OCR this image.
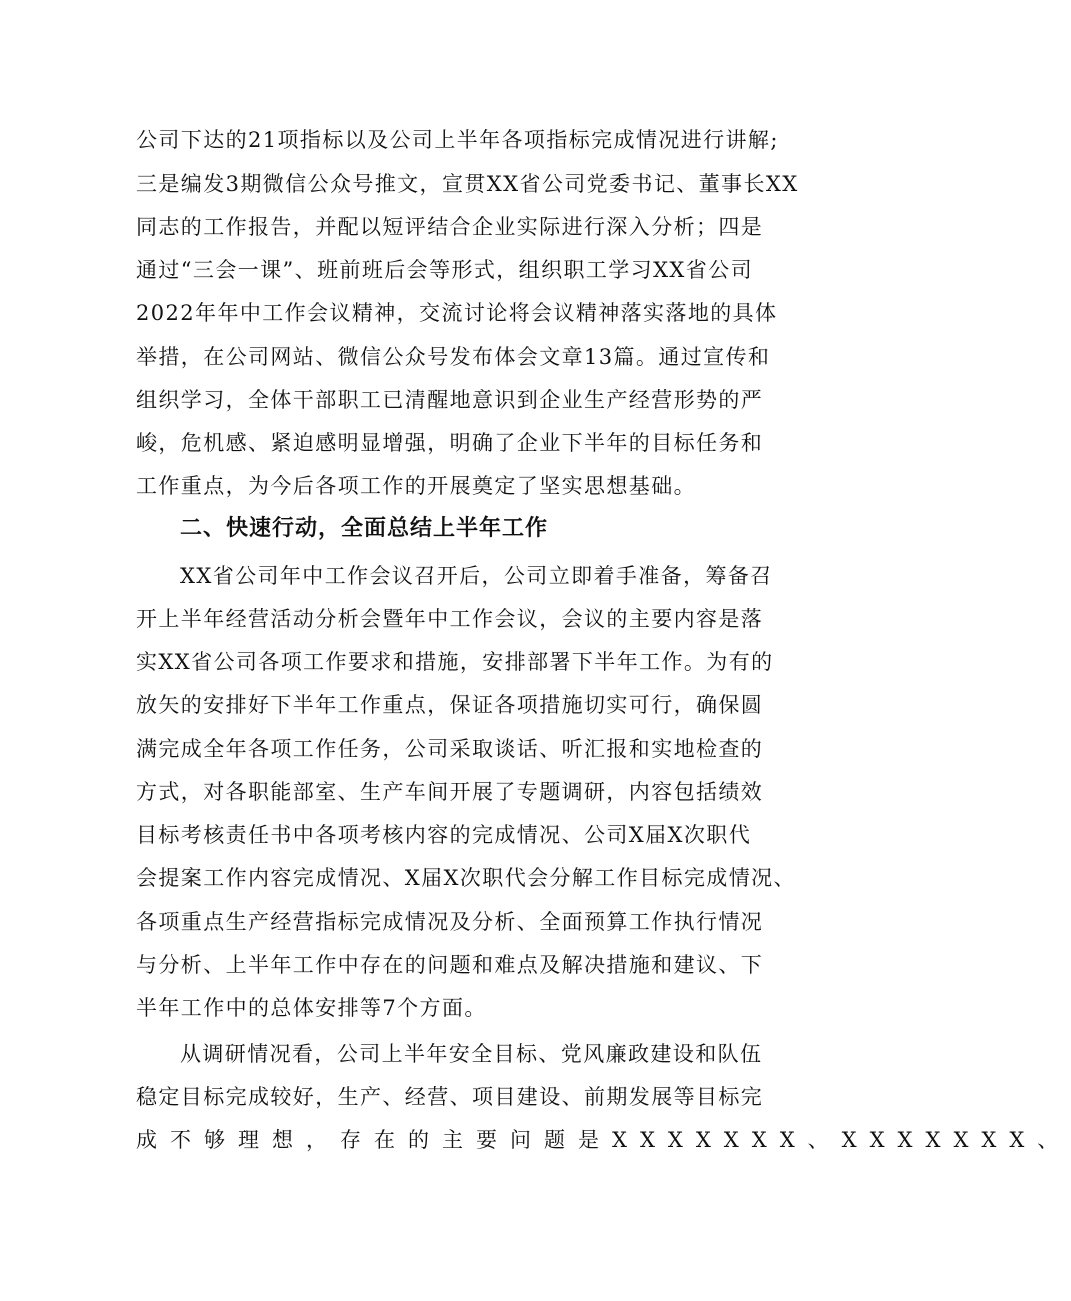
公司下达的21项指标以及公司上半年各项指标完成情况进行讲解;
三是编发3期微信公众号推文，宣贯XX省公司党委书记、董事长XX
同志的工作报告，并配以短评结合企业实际进行深入分析；四是
通过“三会一课”、班前班后会等形式，组织职工学习XX省公司
2022年年中工作会议精神，交流讨论将会议精神落实落地的具体
举措，在公司网站、微信公众号发布体会文章13篇。通过宣传和
组织学习，全体干部职工已清醒地意识到企业生产经营形势的严
峻，危机感、紧迫感明显增强，明确了企业下半年的目标任务和
工作重点，为今后各项工作的开展奠定了坚实思想基础。
XX省公司年中工作会议召开后，公司立即着手准备，筹备召
开上半年经营活动分析会暨年中工作会议，会议的主要内容是落
实XX省公司各项工作要求和措施，安排部署下半年工作。为有的
放矢的安排好下半年工作重点，保证各项措施切实可行，确保圆
满完成全年各项工作任务，公司采取谈话、听汇报和实地检查的
方式，对各职能部室、生产车间开展了专题调研，内容包括绩效
目标考核责任书中各项考核内容的完成情况、公司X届X次职代
会提案工作内容完成情况、X届X次职代会分解工作目标完成情况、
各项重点生产经营指标完成情况及分析、全面预算工作执行情况
与分析、上半年工作中存在的问题和难点及解决措施和建议、下
半年工作中的总体安排等7个方面。
从调研情况看，公司上半年安全目标、党风廉政建设和队伍
稳定目标完成较好，生产、经营、项目建设、前期发展等目标完
成不够理想，存在的主要问题是XXXXXXX、XXXXXXX、
二、快速行动，全面总结上半年工作
